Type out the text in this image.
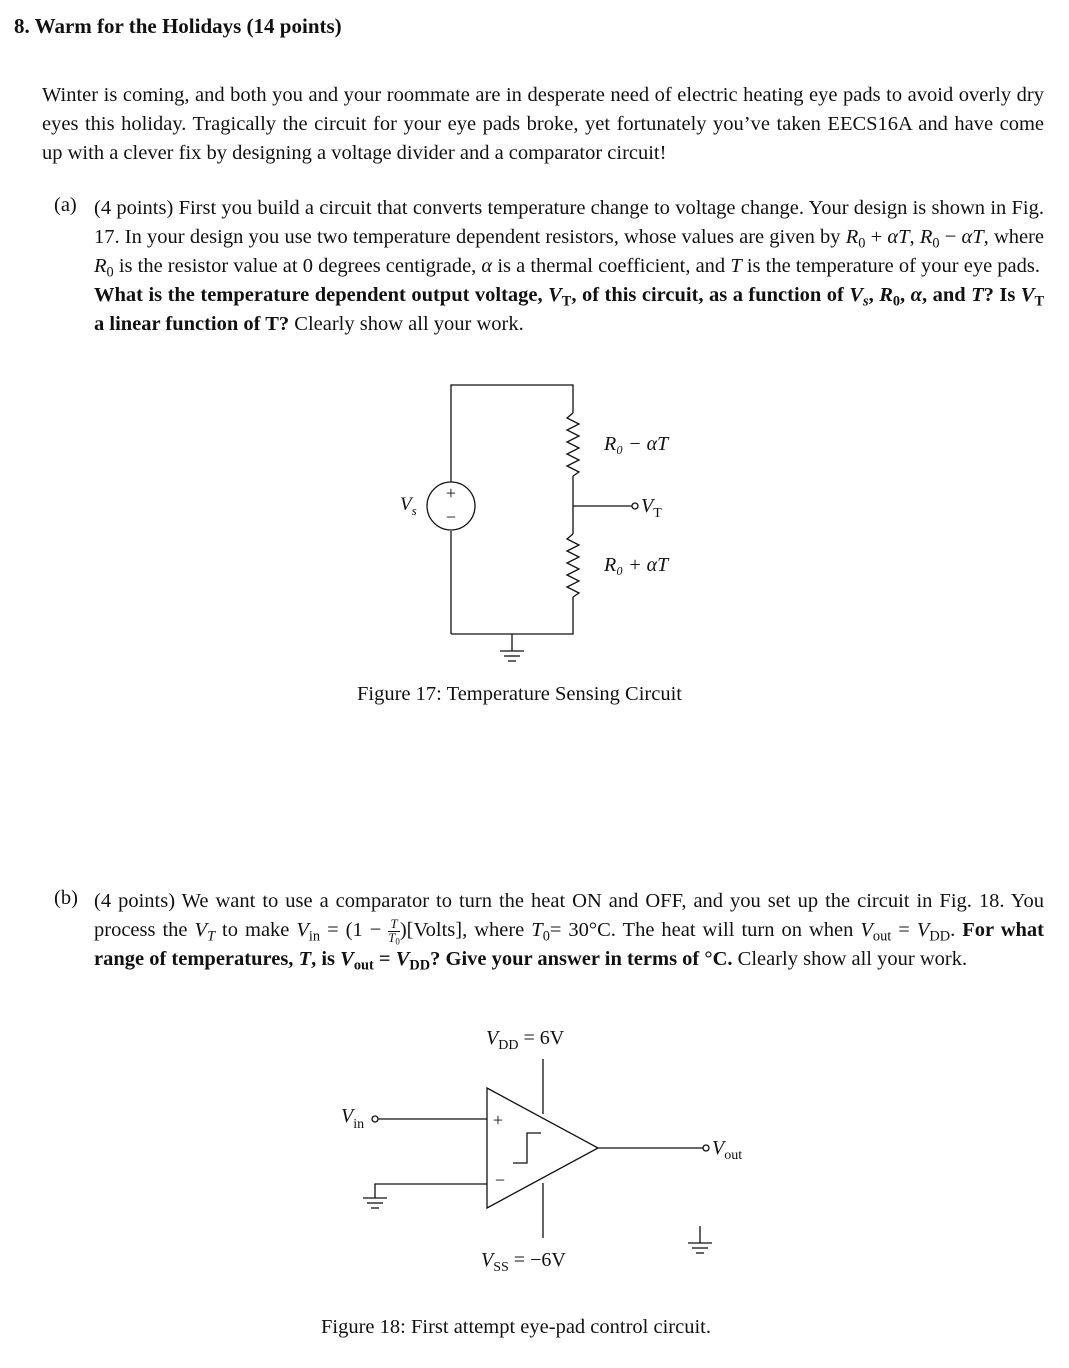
8. Warm for the Holidays (14 points)
Winter is coming, and both you and your roommate are in desperate need of electric heating eye pads to avoid overly dry eyes this holiday. Tragically the circuit for your eye pads broke, yet fortunately you’ve taken EECS16A and have come up with a clever fix by designing a voltage divider and a comparator circuit!
(a) (4 points) First you build a circuit that converts temperature change to voltage change. Your design is shown in Fig. 17. In your design you use two temperature dependent resistors, whose values are given by $R_0 + \alpha T$, $R_0 - \alpha T$, where $R_0$ is the resistor value at 0 degrees centigrade, α is a thermal coefficient, and T is the temperature of your eye pads.
What is the temperature dependent output voltage, $V_T$, of this circuit, as a function of $V_s$, $R_0$, α, and T? Is $V_T$ a linear function of T? Clearly show all your work.
+
−
$V_s$
R₀ − αT
R₀ + αT
$V_T$
Figure 17: Temperature Sensing Circuit
(b) (4 points) We want to use a comparator to turn the heat ON and OFF, and you set up the circuit in Fig. 18. You process the $V_T$ to make $V_{in} = (1 - \frac{T}{T_0}$ )[Volts], where $T_0= 30^\circ C$. The heat will turn on when $V_{out} = V_{DD}$. For what range of temperatures, T, is $V_{out} = V_{DD}$? Give your answer in terms of °C. Clearly show all your work.
+
−
$V_{DD} = 6V$
$V_{SS} = -6V$
$V_{in}$
$V_{out}$
Figure 18: First attempt eye-pad control circuit.
